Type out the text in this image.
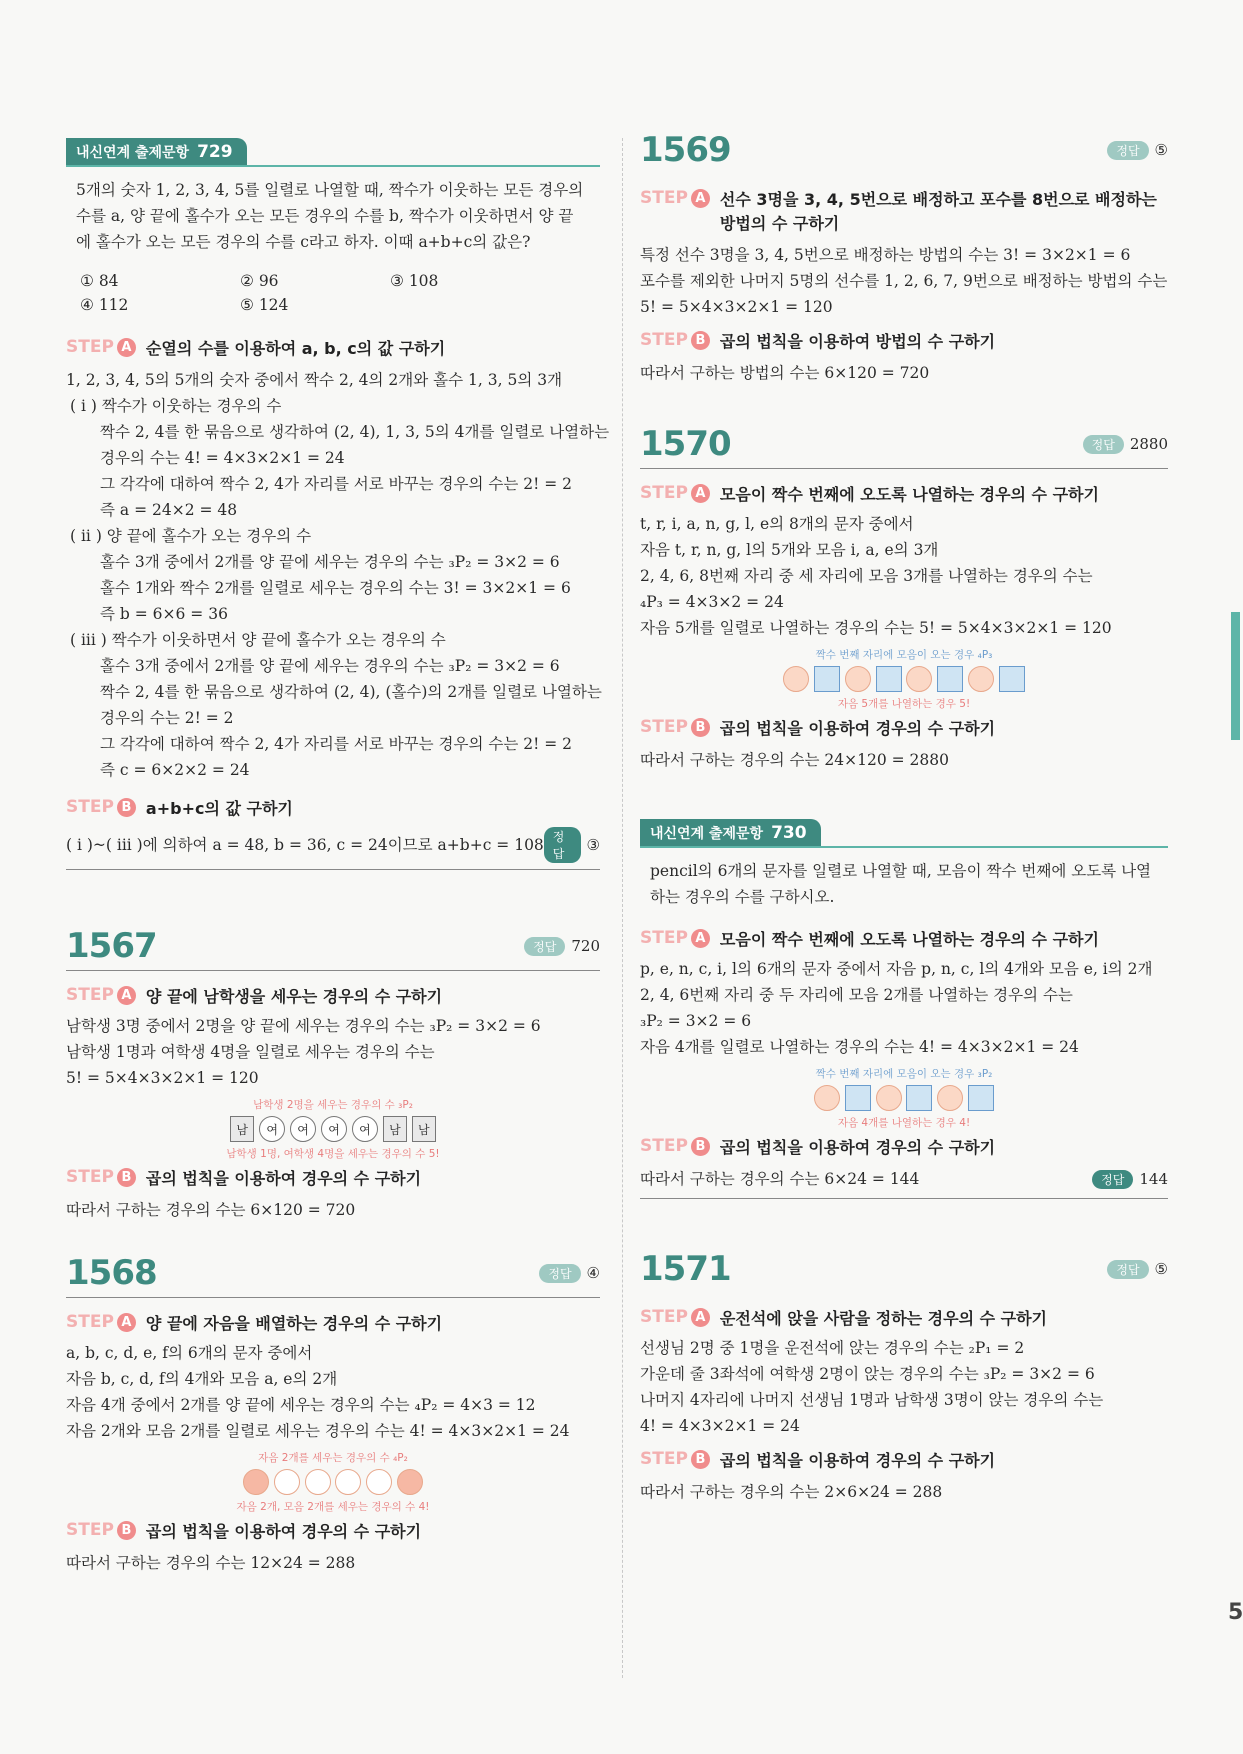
5
내신연계 출제문항 729
5개의 숫자 1, 2, 3, 4, 5를 일렬로 나열할 때, 짝수가 이웃하는 모든 경우의
수를 a, 양 끝에 홀수가 오는 모든 경우의 수를 b, 짝수가 이웃하면서 양 끝
에 홀수가 오는 모든 경우의 수를 c라고 하자. 이때 a+b+c의 값은?
① 84	② 96	③ 108
④ 112	⑤ 124
STEP A 순열의 수를 이용하여 a, b, c의 값 구하기
1, 2, 3, 4, 5의 5개의 숫자 중에서 짝수 2, 4의 2개와 홀수 1, 3, 5의 3개
( i ) 짝수가 이웃하는 경우의 수
짝수 2, 4를 한 묶음으로 생각하여 (2, 4), 1, 3, 5의 4개를 일렬로 나열하는
경우의 수는 4! = 4×3×2×1 = 24
그 각각에 대하여 짝수 2, 4가 자리를 서로 바꾸는 경우의 수는 2! = 2
즉 a = 24×2 = 48
( ii ) 양 끝에 홀수가 오는 경우의 수
홀수 3개 중에서 2개를 양 끝에 세우는 경우의 수는 ₃P₂ = 3×2 = 6
홀수 1개와 짝수 2개를 일렬로 세우는 경우의 수는 3! = 3×2×1 = 6
즉 b = 6×6 = 36
( iii ) 짝수가 이웃하면서 양 끝에 홀수가 오는 경우의 수
홀수 3개 중에서 2개를 양 끝에 세우는 경우의 수는 ₃P₂ = 3×2 = 6
짝수 2, 4를 한 묶음으로 생각하여 (2, 4), (홀수)의 2개를 일렬로 나열하는
경우의 수는 2! = 2
그 각각에 대하여 짝수 2, 4가 자리를 서로 바꾸는 경우의 수는 2! = 2
즉 c = 6×2×2 = 24
STEP B a+b+c의 값 구하기
( i )~( iii )에 의하여 a = 48, b = 36, c = 24이므로 a+b+c = 108 정답	③
1567	정답	720
STEP A 양 끝에 남학생을 세우는 경우의 수 구하기
남학생 3명 중에서 2명을 양 끝에 세우는 경우의 수는 ₃P₂ = 3×2 = 6
남학생 1명과 여학생 4명을 일렬로 세우는 경우의 수는
5! = 5×4×3×2×1 = 120
남학생 2명을 세우는 경우의 수 ₃P₂
남 여 여 여 여 남 남
남학생 1명, 여학생 4명을 세우는 경우의 수 5!
STEP B 곱의 법칙을 이용하여 경우의 수 구하기
따라서 구하는 경우의 수는 6×120 = 720
1568	정답	④
STEP A 양 끝에 자음을 배열하는 경우의 수 구하기
a, b, c, d, e, f의 6개의 문자 중에서
자음 b, c, d, f의 4개와 모음 a, e의 2개
자음 4개 중에서 2개를 양 끝에 세우는 경우의 수는 ₄P₂ = 4×3 = 12
자음 2개와 모음 2개를 일렬로 세우는 경우의 수는 4! = 4×3×2×1 = 24
자음 2개를 세우는 경우의 수 ₄P₂

자음 2개, 모음 2개를 세우는 경우의 수 4!
STEP B 곱의 법칙을 이용하여 경우의 수 구하기
따라서 구하는 경우의 수는 12×24 = 288
1569	정답	⑤
STEP A 선수 3명을 3, 4, 5번으로 배정하고 포수를 8번으로 배정하는
방법의 수 구하기
특정 선수 3명을 3, 4, 5번으로 배정하는 방법의 수는 3! = 3×2×1 = 6
포수를 제외한 나머지 5명의 선수를 1, 2, 6, 7, 9번으로 배정하는 방법의 수는
5! = 5×4×3×2×1 = 120
STEP B 곱의 법칙을 이용하여 방법의 수 구하기
따라서 구하는 방법의 수는 6×120 = 720
1570	정답	2880
STEP A 모음이 짝수 번째에 오도록 나열하는 경우의 수 구하기
t, r, i, a, n, g, l, e의 8개의 문자 중에서
자음 t, r, n, g, l의 5개와 모음 i, a, e의 3개
2, 4, 6, 8번째 자리 중 세 자리에 모음 3개를 나열하는 경우의 수는
₄P₃ = 4×3×2 = 24
자음 5개를 일렬로 나열하는 경우의 수는 5! = 5×4×3×2×1 = 120
짝수 번째 자리에 모음이 오는 경우 ₄P₃

자음 5개를 나열하는 경우 5!
STEP B 곱의 법칙을 이용하여 경우의 수 구하기
따라서 구하는 경우의 수는 24×120 = 2880
내신연계 출제문항 730
pencil의 6개의 문자를 일렬로 나열할 때, 모음이 짝수 번째에 오도록 나열
하는 경우의 수를 구하시오.
STEP A 모음이 짝수 번째에 오도록 나열하는 경우의 수 구하기
p, e, n, c, i, l의 6개의 문자 중에서 자음 p, n, c, l의 4개와 모음 e, i의 2개
2, 4, 6번째 자리 중 두 자리에 모음 2개를 나열하는 경우의 수는
₃P₂ = 3×2 = 6
자음 4개를 일렬로 나열하는 경우의 수는 4! = 4×3×2×1 = 24
짝수 번째 자리에 모음이 오는 경우 ₃P₂

자음 4개를 나열하는 경우 4!
STEP B 곱의 법칙을 이용하여 경우의 수 구하기
따라서 구하는 경우의 수는 6×24 = 144	정답	144
1571	정답	⑤
STEP A 운전석에 앉을 사람을 정하는 경우의 수 구하기
선생님 2명 중 1명을 운전석에 앉는 경우의 수는 ₂P₁ = 2
가운데 줄 3좌석에 여학생 2명이 앉는 경우의 수는 ₃P₂ = 3×2 = 6
나머지 4자리에 나머지 선생님 1명과 남학생 3명이 앉는 경우의 수는
4! = 4×3×2×1 = 24
STEP B 곱의 법칙을 이용하여 경우의 수 구하기
따라서 구하는 경우의 수는 2×6×24 = 288
